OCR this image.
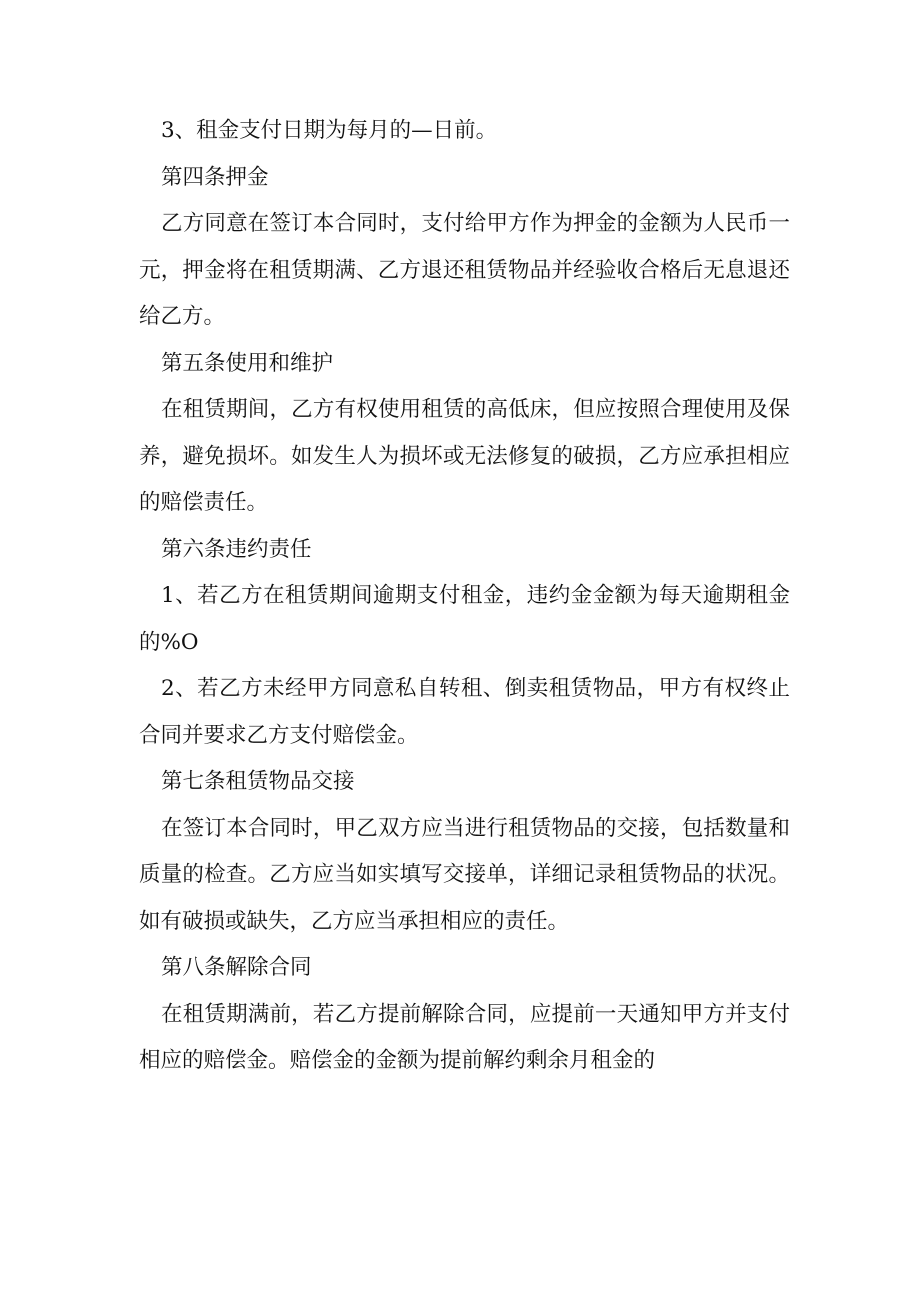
3、租金支付日期为每月的—日前。

第四条押金

乙方同意在签订本合同时，支付给甲方作为押金的金额为人民币一元，押金将在租赁期满、乙方退还租赁物品并经验收合格后无息退还给乙方。

第五条使用和维护

在租赁期间，乙方有权使用租赁的高低床，但应按照合理使用及保养，避免损坏。如发生人为损坏或无法修复的破损，乙方应承担相应的赔偿责任。

第六条违约责任

1、若乙方在租赁期间逾期支付租金，违约金金额为每天逾期租金的%O

2、若乙方未经甲方同意私自转租、倒卖租赁物品，甲方有权终止合同并要求乙方支付赔偿金。

第七条租赁物品交接

在签订本合同时，甲乙双方应当进行租赁物品的交接，包括数量和质量的检查。乙方应当如实填写交接单，详细记录租赁物品的状况。如有破损或缺失，乙方应当承担相应的责任。

第八条解除合同

在租赁期满前，若乙方提前解除合同，应提前一天通知甲方并支付相应的赔偿金。赔偿金的金额为提前解约剩余月租金的
